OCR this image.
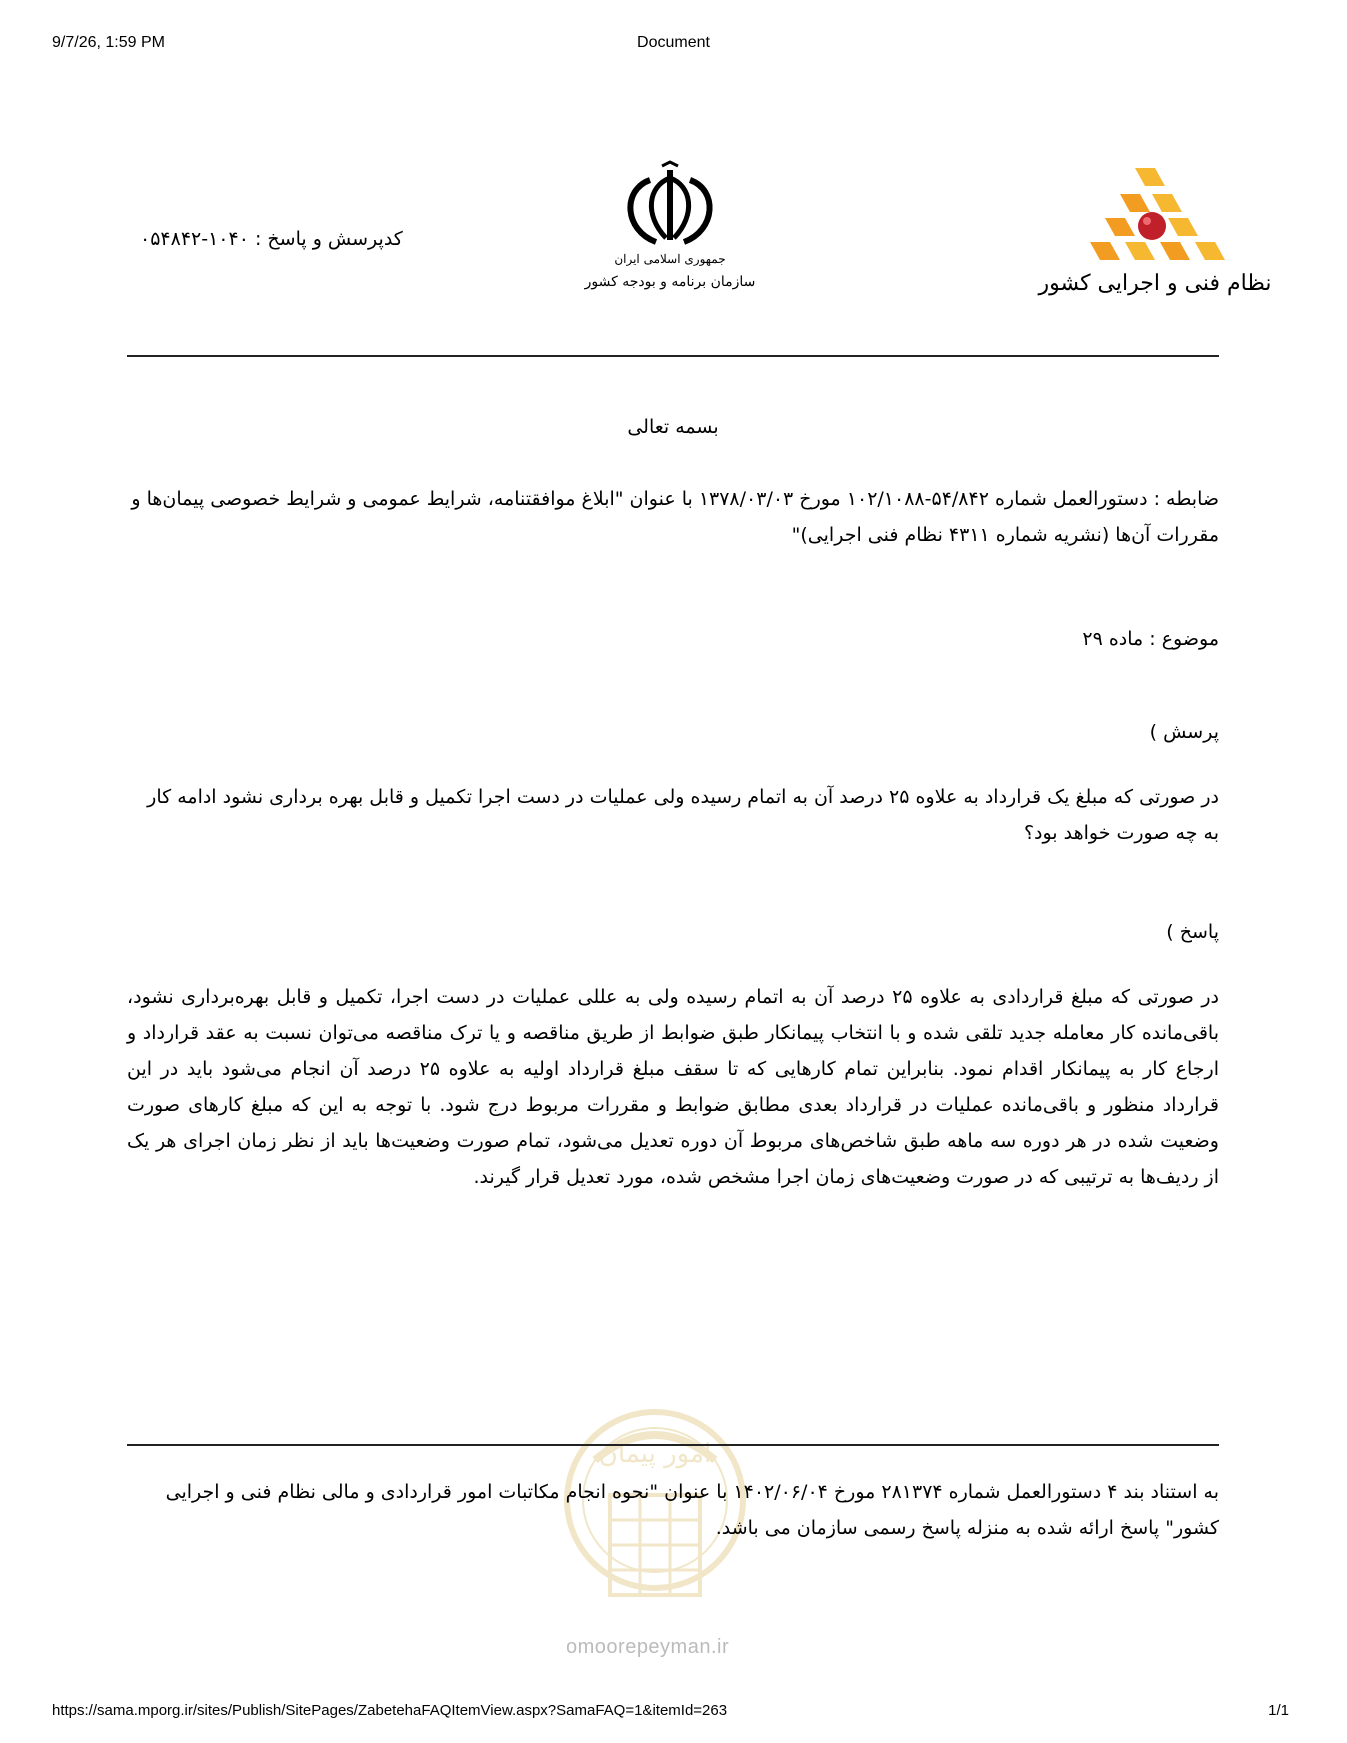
9/7/26, 1:59 PM	Document
https://sama.mporg.ir/sites/Publish/SitePages/ZabetehaFAQItemView.aspx?SamaFAQ=1&itemId=263	1/1
نظام فنی و اجرایی کشور
جمهوری اسلامی ایران
سازمان برنامه و بودجه کشور
کدپرسش و پاسخ : ۱۰۴۰-۰۵۴۸۴۲
بسمه تعالی
ضابطه : دستورالعمل شماره ۵۴/۸۴۲-۱۰۲/۱۰۸۸ مورخ ۱۳۷۸/۰۳/۰۳ با عنوان "ابلاغ موافقتنامه، شرایط عمومی و شرایط خصوصی پیمان‌ها و مقررات آن‌ها (نشریه شماره ۴۳۱۱ نظام فنی اجرایی)"
موضوع : ماده ۲۹
پرسش )
در صورتی که مبلغ یک قرارداد به علاوه ۲۵ درصد آن به اتمام رسیده ولی عملیات در دست اجرا تکمیل و قابل بهره برداری نشود ادامه کار به چه صورت خواهد بود؟
پاسخ )
در صورتی که مبلغ قراردادی به علاوه ۲۵ درصد آن به اتمام رسیده ولی به عللی عملیات در دست اجرا، تکمیل و قابل بهره‌برداری نشود، باقی‌مانده کار معامله جدید تلقی شده و با انتخاب پیمانکار طبق ضوابط از طریق مناقصه و یا ترک مناقصه می‌توان نسبت به عقد قرارداد و ارجاع کار به پیمانکار اقدام نمود. بنابراین تمام کارهایی که تا سقف مبلغ قرارداد اولیه به علاوه ۲۵ درصد آن انجام می‌شود باید در این قرارداد منظور و باقی‌مانده عملیات در قرارداد بعدی مطابق ضوابط و مقررات مربوط درج شود. با توجه به این که مبلغ کارهای صورت وضعیت شده در هر دوره سه ماهه طبق شاخص‌های مربوط آن دوره تعدیل می‌شود، تمام صورت وضعیت‌ها باید از نظر زمان اجرای هر یک از ردیف‌ها به ترتیبی که در صورت وضعیت‌های زمان اجرا مشخص شده، مورد تعدیل قرار گیرند.
امور پیمان
omoorepeyman.ir
به استناد بند ۴ دستورالعمل شماره ۲۸۱۳۷۴ مورخ ۱۴۰۲/۰۶/۰۴ با عنوان "نحوه انجام مکاتبات امور قراردادی و مالی نظام فنی و اجرایی کشور" پاسخ ارائه شده به منزله پاسخ رسمی سازمان می باشد.
